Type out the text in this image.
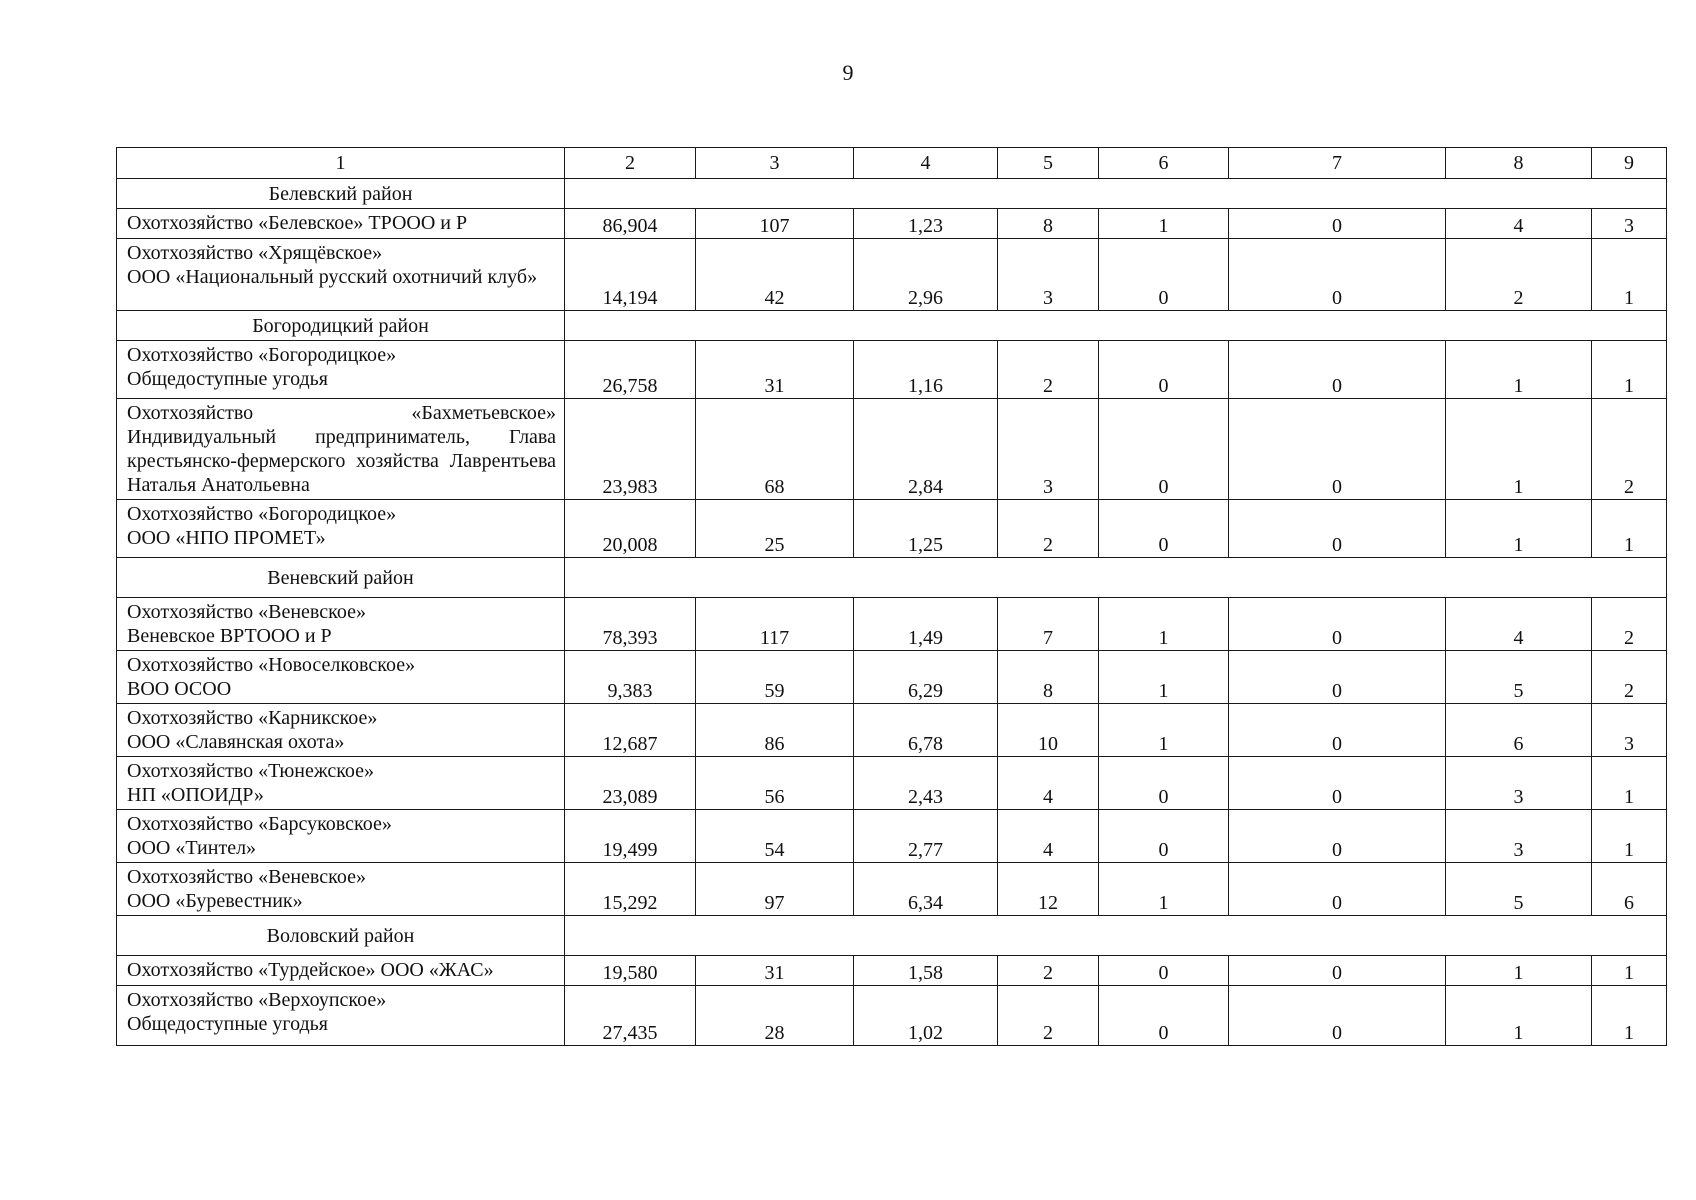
9
1	2	3	4	5	6	7	8	9
Белевский район								

Охотхозяйство «Белевское» ТРОOO и Р	86,904	107	1,23	8	1	0	4	3

Охотхозяйство «Хрящёвское»
ООО «Национальный русский охотничий клуб»	14,194	42	2,96	3	0	0	2	1
Богородицкий район								

Охотхозяйство «Богородицкое»
Общедоступные угодья	26,758	31	1,16	2	0	0	1	1

Охотхозяйство «Бахметьевское» Индивидуальный предприниматель, Глава крестьянско-фермерского хозяйства Лаврентьева Наталья Анатольевна	23,983	68	2,84	3	0	0	1	2

Охотхозяйство «Богородицкое»
ООО «НПО ПРОМЕТ»	20,008	25	1,25	2	0	0	1	1
Веневский район								

Охотхозяйство «Веневское»
Веневское ВРТОOO и Р	78,393	117	1,49	7	1	0	4	2

Охотхозяйство «Новоселковское»
ВОО ОСОО	9,383	59	6,29	8	1	0	5	2

Охотхозяйство «Карникское»
ООО «Славянская охота»	12,687	86	6,78	10	1	0	6	3

Охотхозяйство «Тюнежское»
НП «ОПОИДР»	23,089	56	2,43	4	0	0	3	1

Охотхозяйство «Барсуковское»
ООО «Тинтел»	19,499	54	2,77	4	0	0	3	1

Охотхозяйство «Веневское»
ООО «Буревестник»	15,292	97	6,34	12	1	0	5	6
Воловский район								

Охотхозяйство «Турдейское» ООО «ЖАС»	19,580	31	1,58	2	0	0	1	1

Охотхозяйство «Верхоупское»
Общедоступные угодья	27,435	28	1,02	2	0	0	1	1
